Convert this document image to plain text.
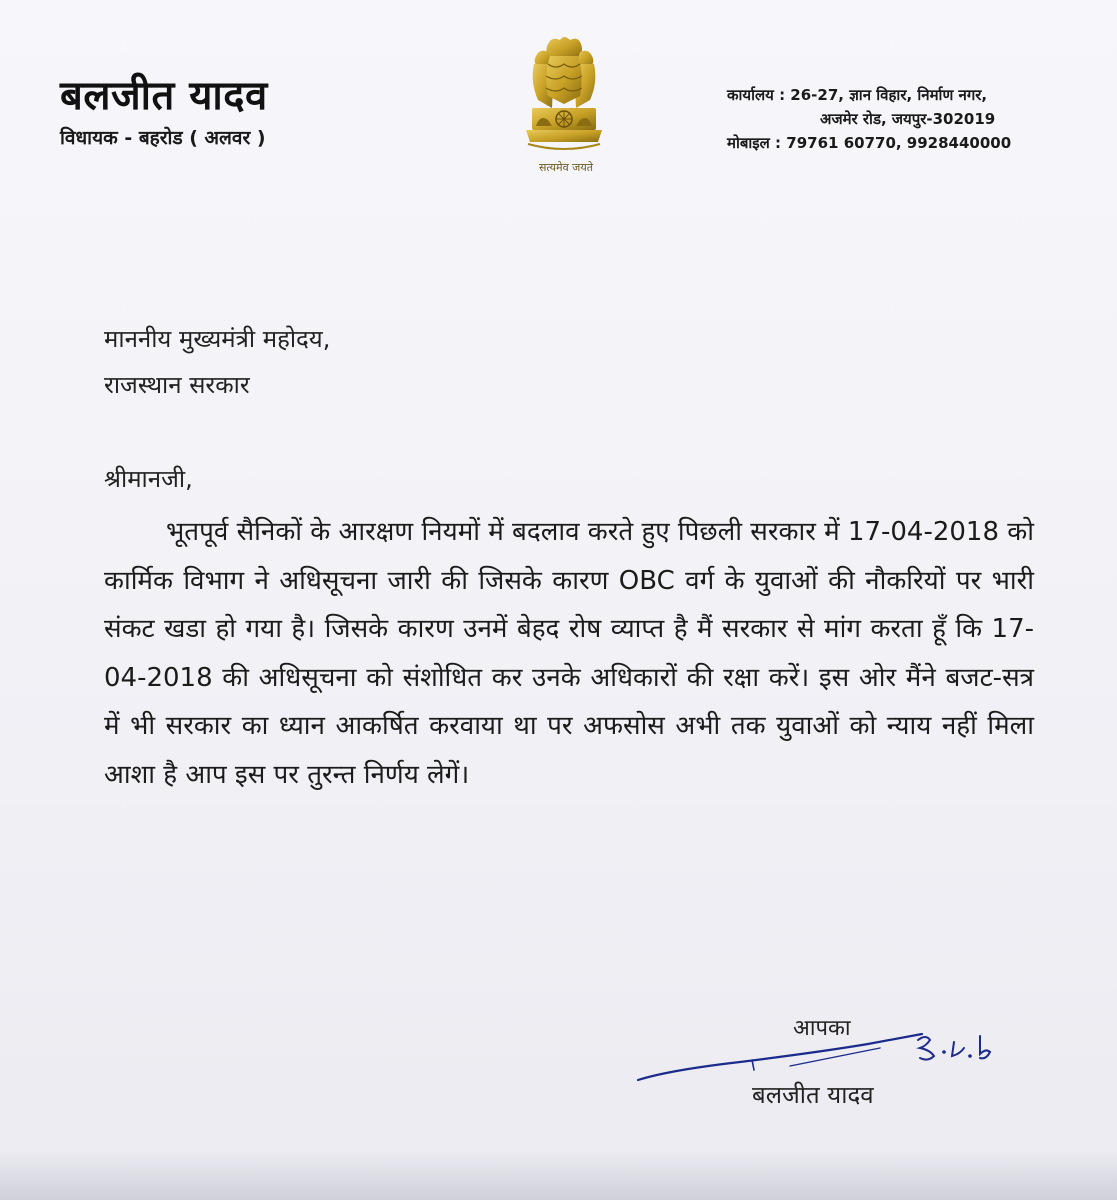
बलजीत यादव
विधायक - बहरोड ( अलवर )
सत्यमेव जयते
कार्यालय : 26-27, ज्ञान विहार, निर्माण नगर,
अजमेर रोड, जयपुर-302019
मोबाइल : 79761 60770, 9928440000
माननीय मुख्यमंत्री महोदय,
राजस्थान सरकार
श्रीमानजी,
भूतपूर्व सैनिकों के आरक्षण नियमों में बदलाव करते हुए पिछली सरकार में 17-04-2018 को कार्मिक विभाग ने अधिसूचना जारी की जिसके कारण OBC वर्ग के युवाओं की नौकरियों पर भारी संकट खडा हो गया है। जिसके कारण उनमें बेहद रोष व्याप्त है मैं सरकार से मांग करता हूँ कि 17-04-2018 की अधिसूचना को संशोधित कर उनके अधिकारों की रक्षा करें। इस ओर मैंने बजट-सत्र में भी सरकार का ध्यान आकर्षित करवाया था पर अफसोस अभी तक युवाओं को न्याय नहीं मिला आशा है आप इस पर तुरन्त निर्णय लेगें।
आपका
बलजीत यादव
